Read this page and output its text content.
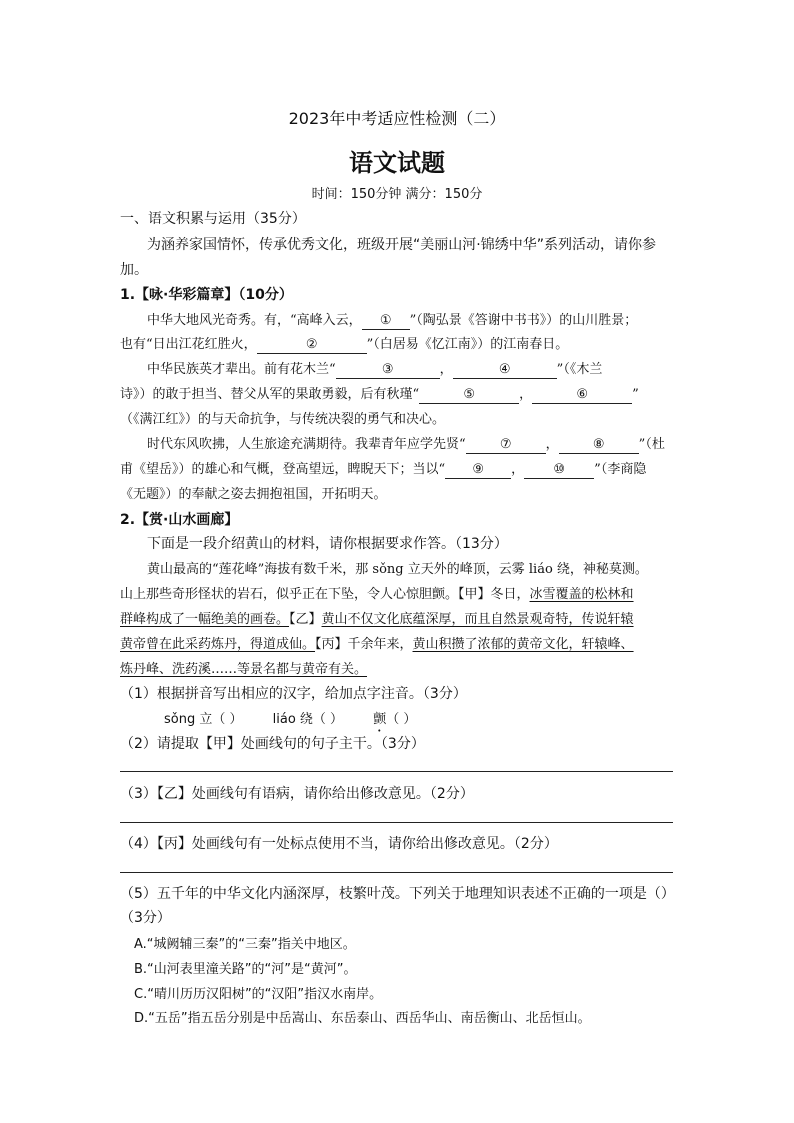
2023年中考适应性检测（二）
语文试题
时间：150分钟 满分：150分
一、语文积累与运用（35分）
为涵养家国情怀，传承优秀文化，班级开展“美丽山河·锦绣中华”系列活动，请你参
加。
1.【咏·华彩篇章】（10分）
中华大地风光奇秀。有，“高峰入云， ① ”（陶弘景《答谢中书书》）的山川胜景；
也有“日出江花红胜火，	②	”（白居易《忆江南》）的江南春日。
中华民族英才辈出。前有花木兰“	③	，	④	”（《木兰
诗》）的敢于担当、替父从军的果敢勇毅，后有秋瑾“	⑤	，	⑥	”
（《满江红》）的与天命抗争，与传统决裂的勇气和决心。
时代东风吹拂，人生旅途充满期待。我辈青年应学先贤“	⑦	，	⑧	”（杜
甫《望岳》）的雄心和气概，登高望远，睥睨天下；当以“ ⑨ ， ⑩ ”（李商隐
《无题》）的奉献之姿去拥抱祖国，开拓明天。
2.【赏·山水画廊】
下面是一段介绍黄山的材料，请你根据要求作答。（13分）
黄山最高的“莲花峰”海拔有数千米，那 sǒng 立天外的峰顶，云雾 liáo 绕，神秘莫测。
山上那些奇形怪状的岩石，似乎正在下坠，令人心惊胆颤。【甲】冬日，冰雪覆盖的松林和
群峰构成了一幅绝美的画卷。【乙】黄山不仅文化底蕴深厚，而且自然景观奇特，传说轩辕
黄帝曾在此采药炼丹，得道成仙。【丙】千余年来，黄山积攒了浓郁的黄帝文化，轩辕峰、
炼丹峰、洗药溪……等景名都与黄帝有关。
（1）根据拼音写出相应的汉字，给加点字注音。（3分）
sǒng 立（ ） liáo 绕（ ） 颤（ ）
（2）请提取【甲】处画线句的句子主干。（3分）
（3）【乙】处画线句有语病，请你给出修改意见。（2分）
（4）【丙】处画线句有一处标点使用不当，请你给出修改意见。（2分）
（5）五千年的中华文化内涵深厚，枝繁叶茂。下列关于地理知识表述不正确的一项是（）
（3分）
A.“城阙辅三秦”的“三秦”指关中地区。
B.“山河表里潼关路”的“河”是“黄河”。
C.“晴川历历汉阳树”的“汉阳”指汉水南岸。
D.“五岳”指五岳分别是中岳嵩山、东岳泰山、西岳华山、南岳衡山、北岳恒山。
